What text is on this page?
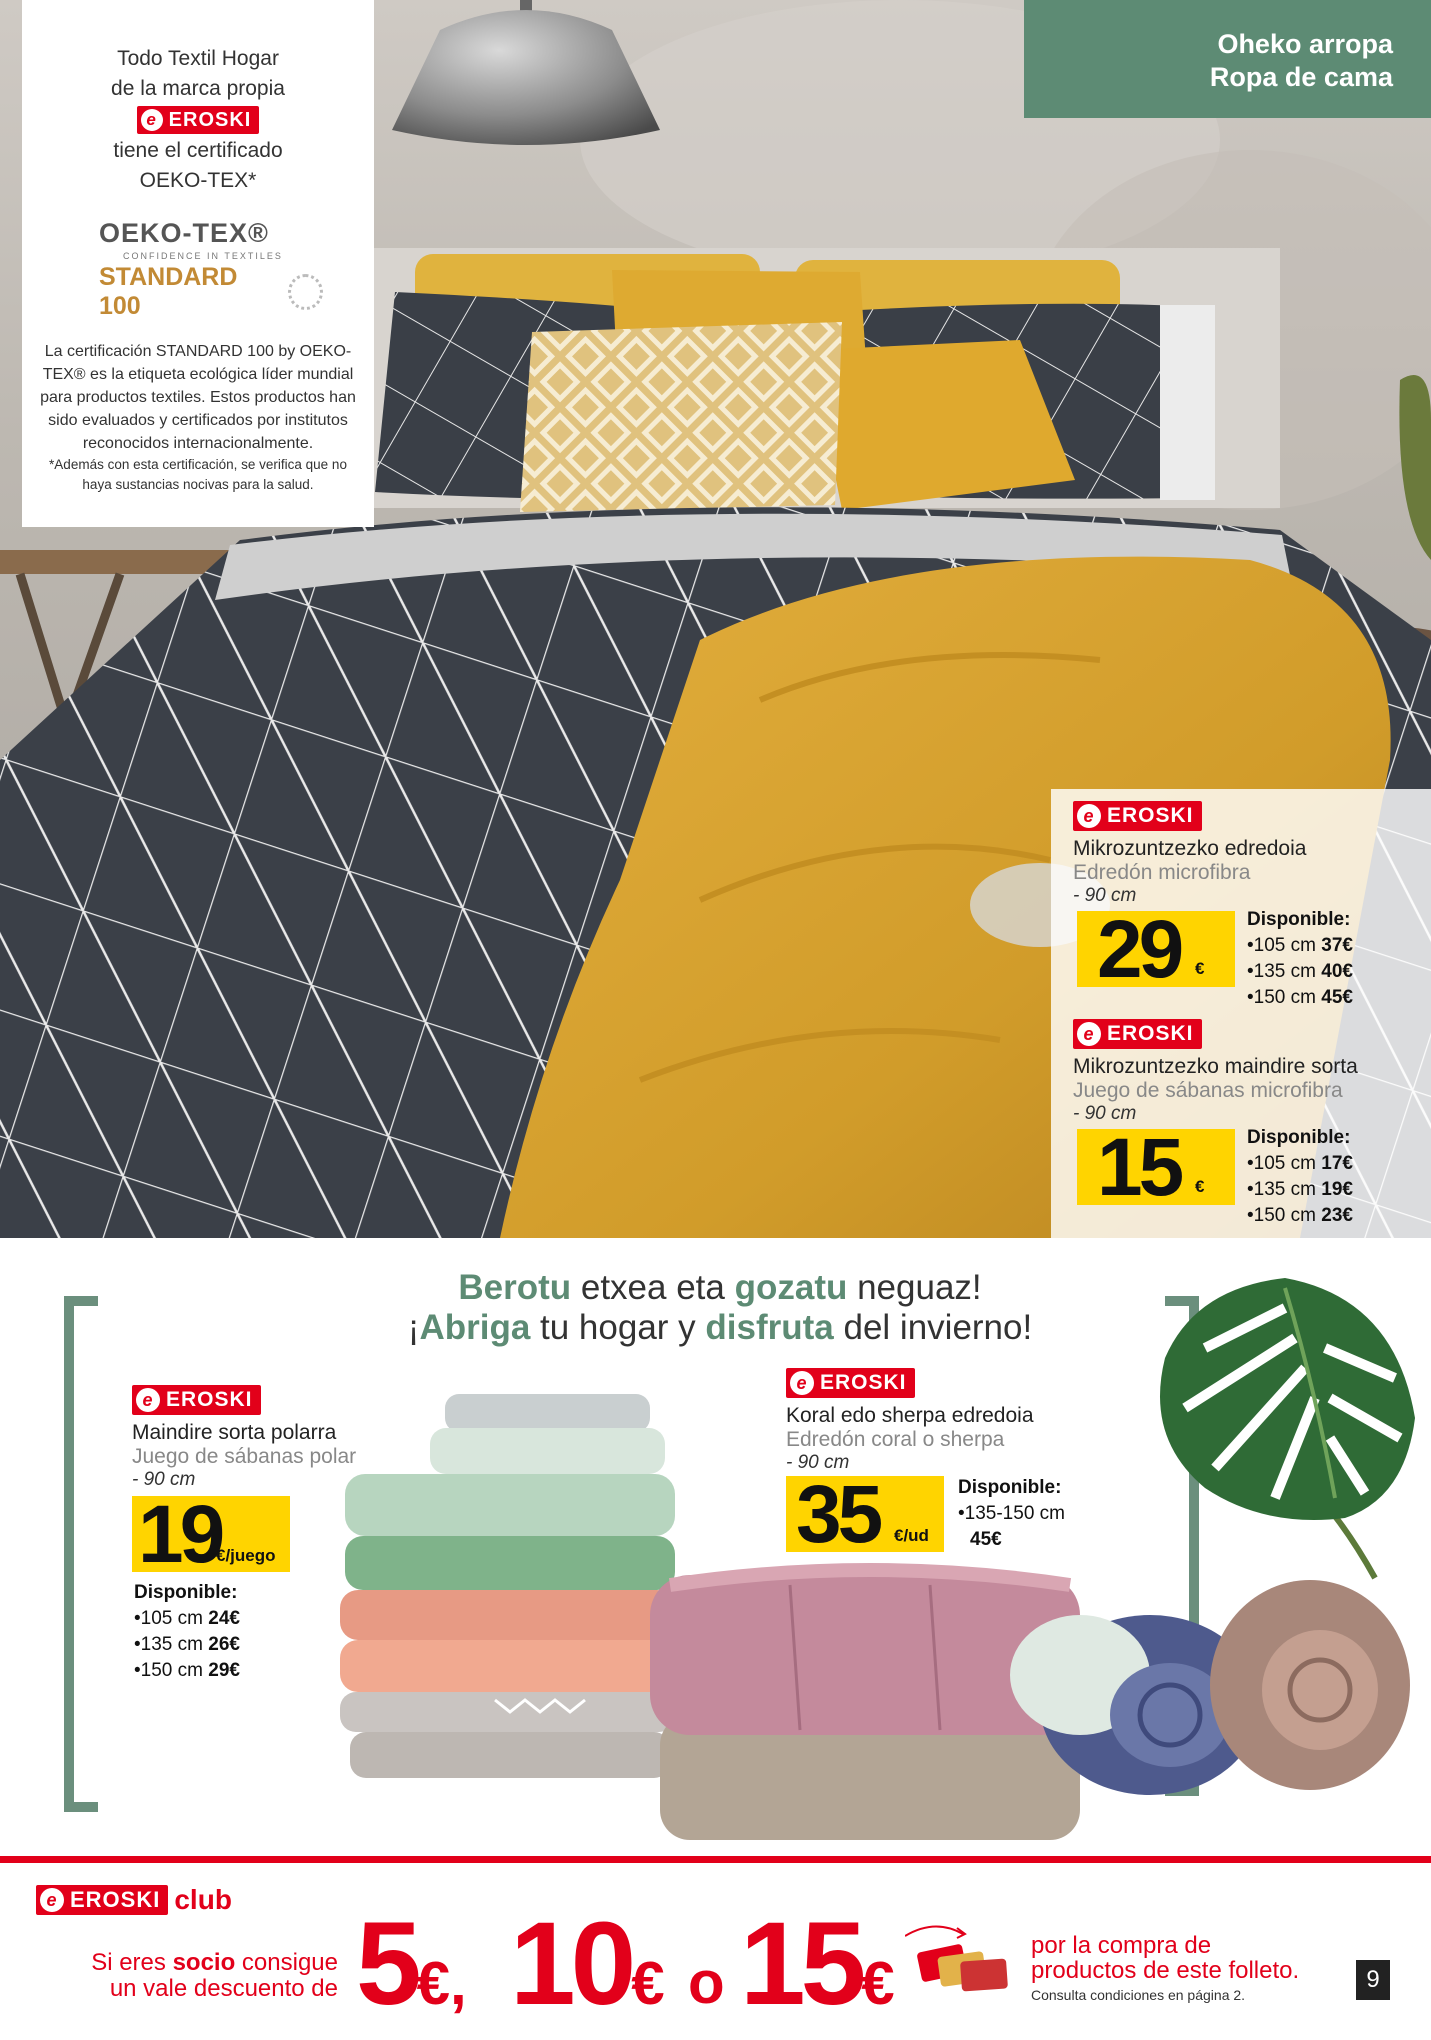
Oheko arropa
Ropa de cama
Todo Textil Hogar
de la marca propia
e EROSKI
tiene el certificado
OEKO-TEX*
OEKO-TEX®
CONFIDENCE IN TEXTILES
STANDARD 100
La certificación STANDARD 100 by OEKO-TEX® es la etiqueta ecológica líder mundial para productos textiles. Estos productos han sido evaluados y certificados por institutos reconocidos internacionalmente.
*Además con esta certificación, se verifica que no haya sustancias nocivas para la salud.
e EROSKI
Mikrozuntzezko edredoia
Edredón microfibra
- 90 cm
29 €
Disponible:
•105 cm 37€
•135 cm 40€
•150 cm 45€
e EROSKI
Mikrozuntzezko maindire sorta
Juego de sábanas microfibra
- 90 cm
15 €
Disponible:
•105 cm 17€
•135 cm 19€
•150 cm 23€
Berotu etxea eta gozatu neguaz!
¡Abriga tu hogar y disfruta del invierno!
e EROSKI
Maindire sorta polarra
Juego de sábanas polar
- 90 cm
19
€/juego
Disponible:
•105 cm 24€
•135 cm 26€
•150 cm 29€
e EROSKI
Koral edo sherpa edredoia
Edredón coral o sherpa
- 90 cm
35 €/ud
Disponible:
•135-150 cm
45€
e EROSKI club
Si eres socio consigue
un vale descuento de 5€, 10€ o 15€
por la compra de
productos de este folleto.
Consulta condiciones en página 2.
9
